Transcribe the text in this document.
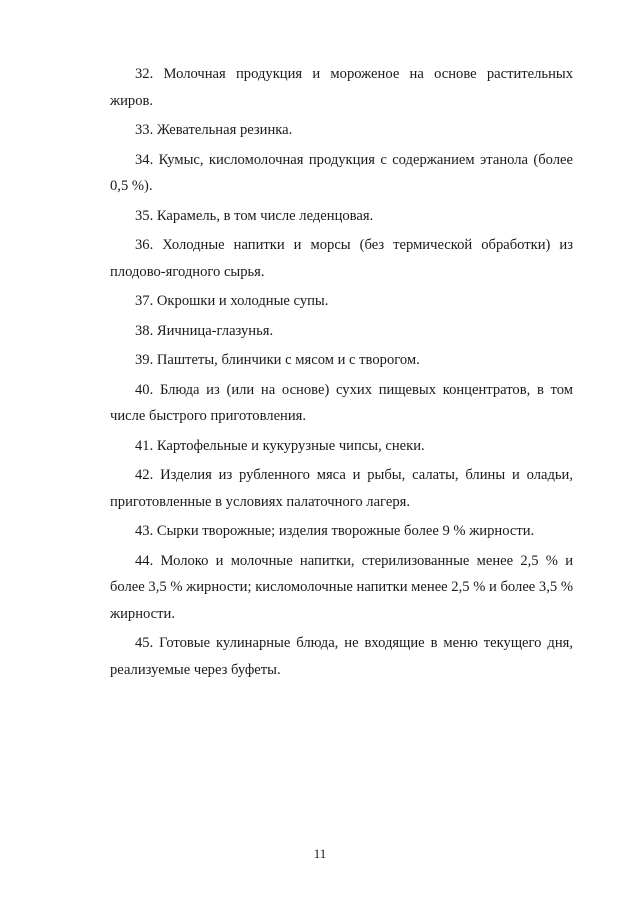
32. Молочная продукция и мороженое на основе растительных жиров.

33. Жевательная резинка.

34. Кумыс, кисломолочная продукция с содержанием этанола (более 0,5 %).

35. Карамель, в том числе леденцовая.

36. Холодные напитки и морсы (без термической обработки) из плодово-ягодного сырья.

37. Окрошки и холодные супы.

38. Яичница-глазунья.

39. Паштеты, блинчики с мясом и с творогом.

40. Блюда из (или на основе) сухих пищевых концентратов, в том числе быстрого приготовления.

41. Картофельные и кукурузные чипсы, снеки.

42. Изделия из рубленного мяса и рыбы, салаты, блины и оладьи, приготовленные в условиях палаточного лагеря.

43. Сырки творожные; изделия творожные более 9 % жирности.

44. Молоко и молочные напитки, стерилизованные менее 2,5 % и более 3,5 % жирности; кисломолочные напитки менее 2,5 % и более 3,5 % жирности.

45. Готовые кулинарные блюда, не входящие в меню текущего дня, реализуемые через буфеты.

11
